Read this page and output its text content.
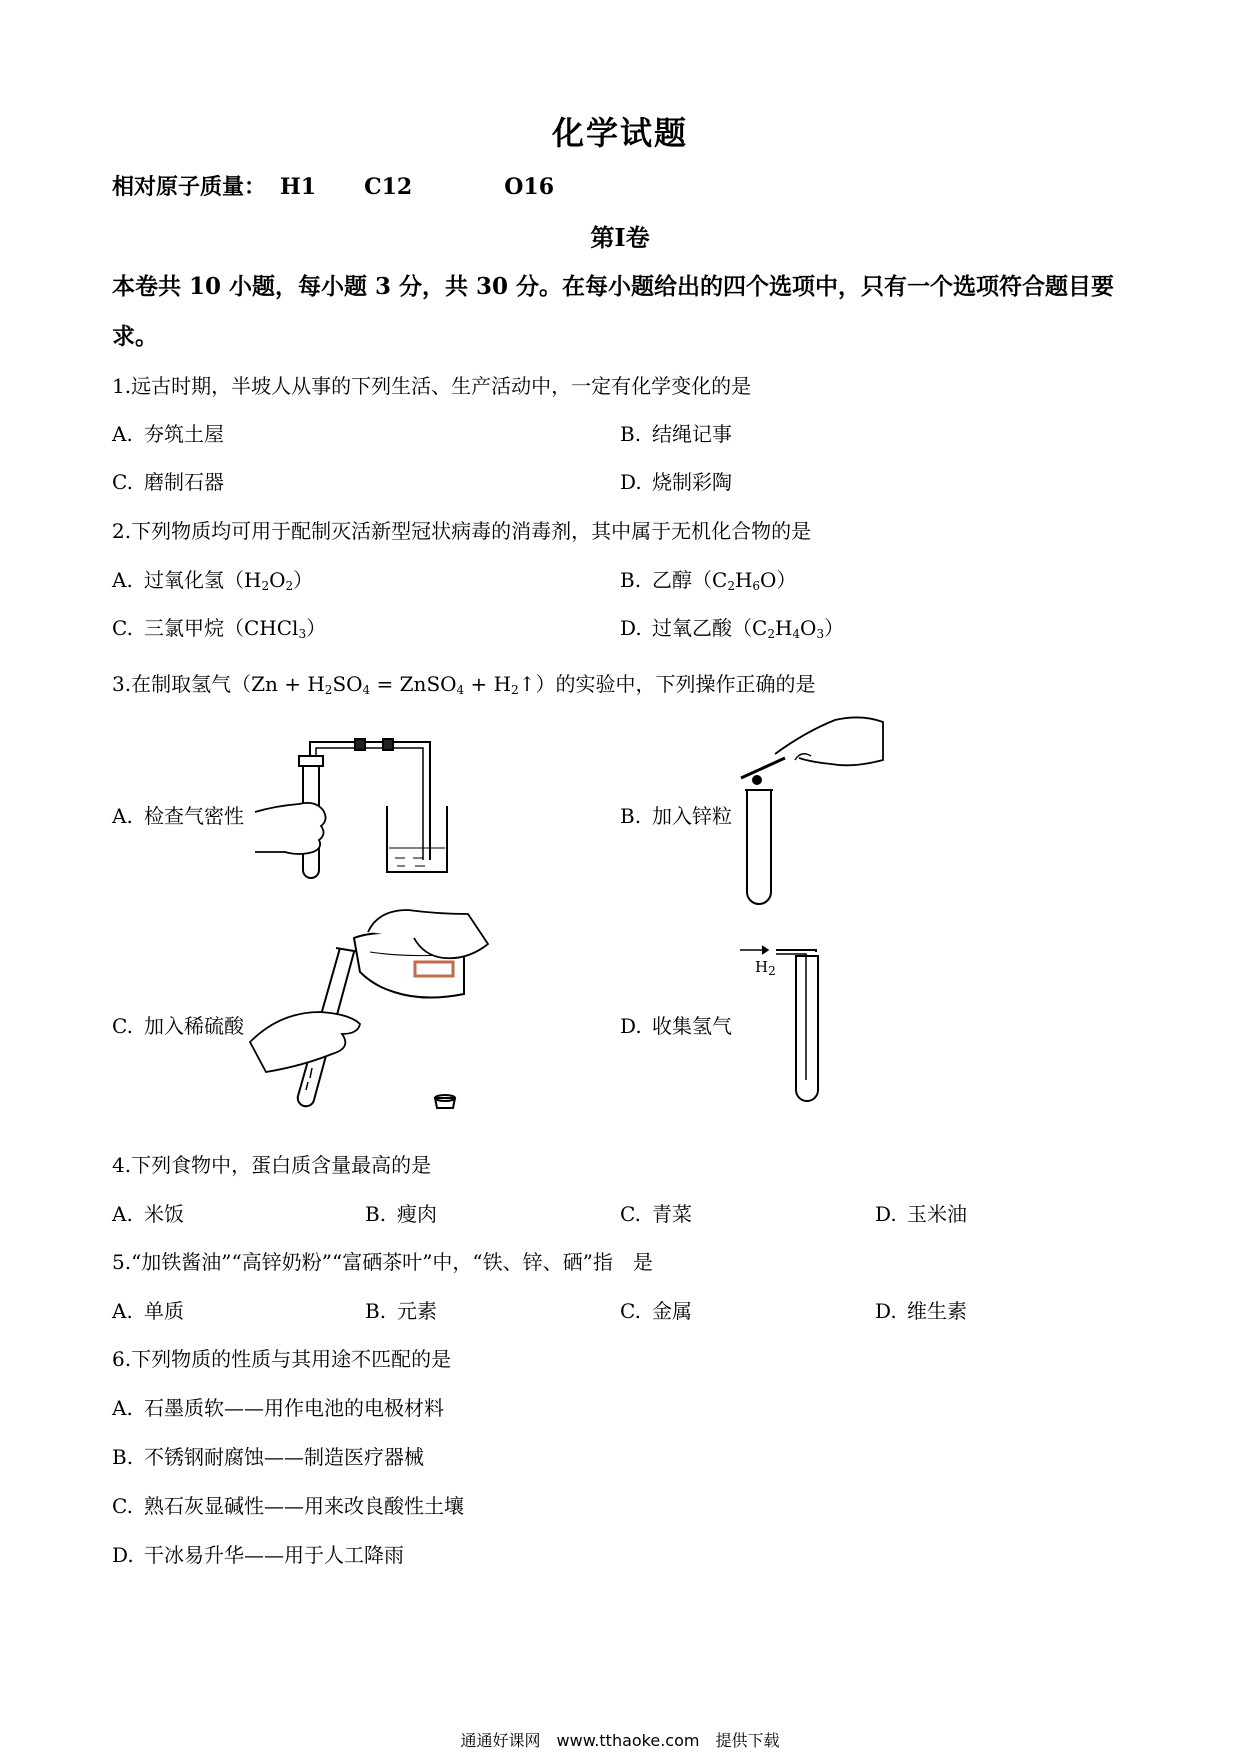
化学试题
相对原子质量： H1 C12	O16
第Ⅰ卷
本卷共 10 小题，每小题 3 分，共 30 分。在每小题给出的四个选项中，只有一个选项符合题目要求。
1.远古时期，半坡人从事的下列生活、生产活动中，一定有化学变化的是
A. 夯筑土屋	B. 结绳记事
C. 磨制石器	D. 烧制彩陶
2.下列物质均可用于配制灭活新型冠状病毒的消毒剂，其中属于无机化合物的是
A. 过氧化氢$(H_2O_2)$	B. 乙醇$(C_2H_6O)$
C. 三氯甲烷（CHCl$_3$）	D. 过氧乙酸$(C_2H_4O_3)$
3.在制取氢气（$Zn + H_2SO_4$ = ZnSO$_4$ + $H_2↑$）的实验中，下列操作正确的是
A. 检查气密性	B. 加入锌粒
C. 加入稀硫酸	D. 收集氢气
$H_2$
4.下列食物中，蛋白质含量最高的是
A. 米饭	B. 瘦肉	C. 青菜	D. 玉米油
5.“加铁酱油”“高锌奶粉”“富硒茶叶”中，“铁、锌、硒”指　是
A. 单质	B. 元素	C. 金属	D. 维生素
6.下列物质的性质与其用途不匹配的是
A. 石墨质软——用作电池的电极材料
B. 不锈钢耐腐蚀——制造医疗器械
C. 熟石灰显碱性——用来改良酸性土壤
D. 干冰易升华——用于人工降雨
通通好课网　www.tthaoke.com　提供下载
